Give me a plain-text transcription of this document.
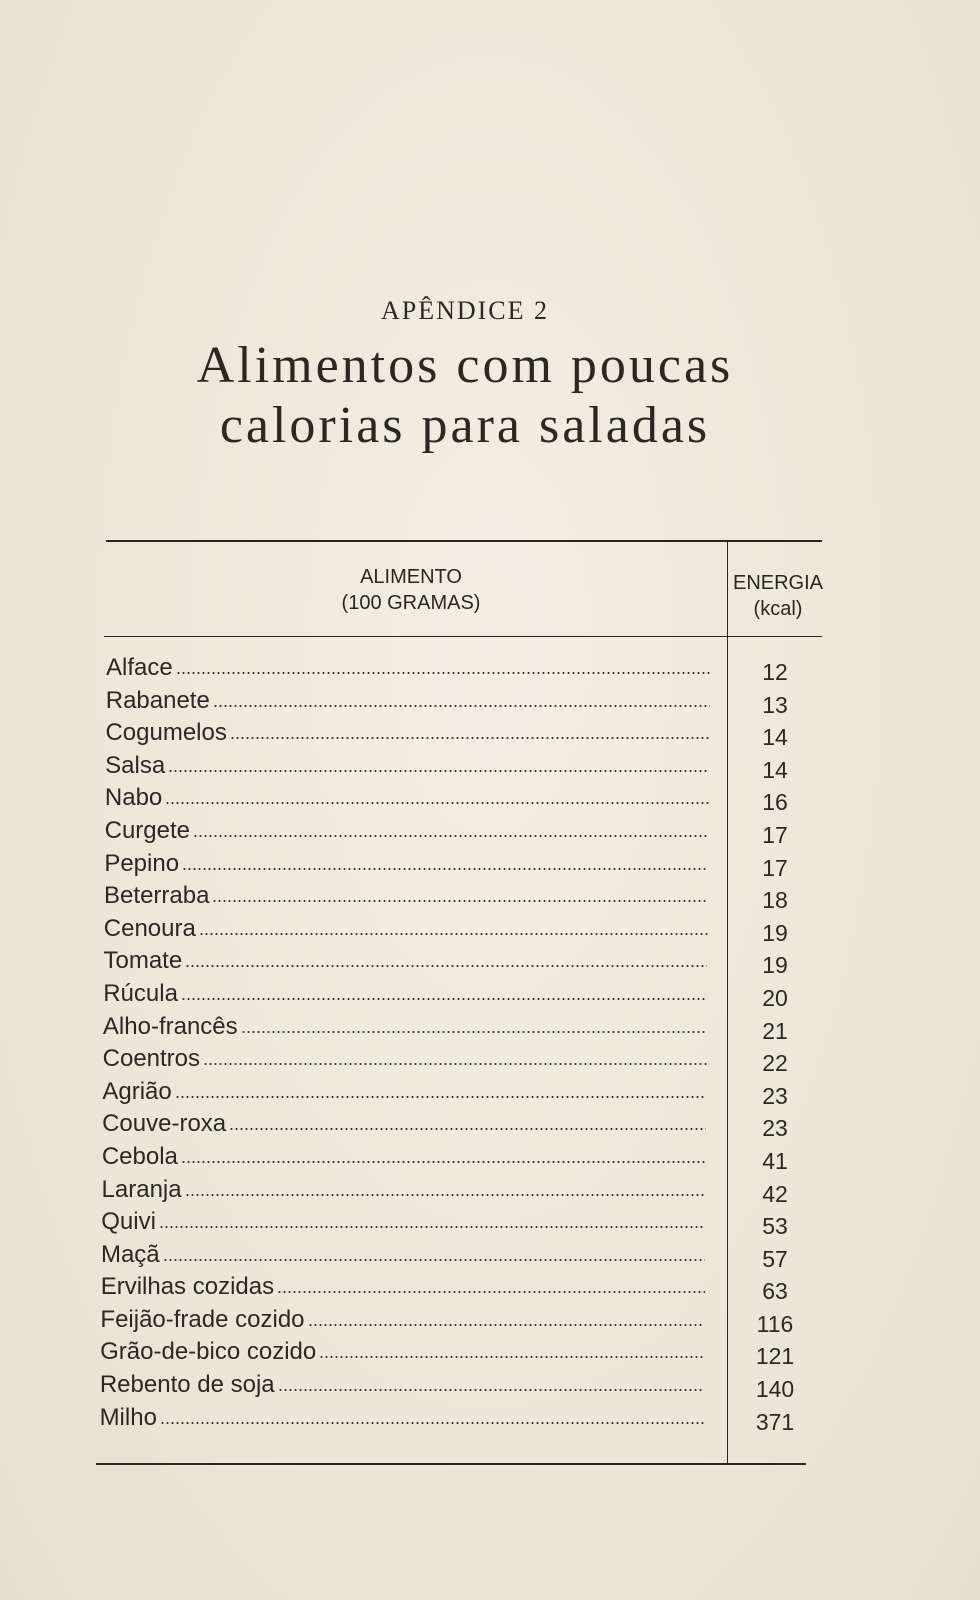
APÊNDICE 2
Alimentos com poucas
calorias para saladas
ALIMENTO
(100 GRAMAS)
ENERGIA
(kcal)
Alface	12
Rabanete	13
Cogumelos	14
Salsa	14
Nabo	16
Curgete	17
Pepino	17
Beterraba	18
Cenoura	19
Tomate	19
Rúcula	20
Alho-francês	21
Coentros	22
Agrião	23
Couve-roxa	23
Cebola	41
Laranja	42
Quivi	53
Maçã	57
Ervilhas cozidas	63
Feijão-frade cozido	116
Grão-de-bico cozido	121
Rebento de soja	140
Milho	371
